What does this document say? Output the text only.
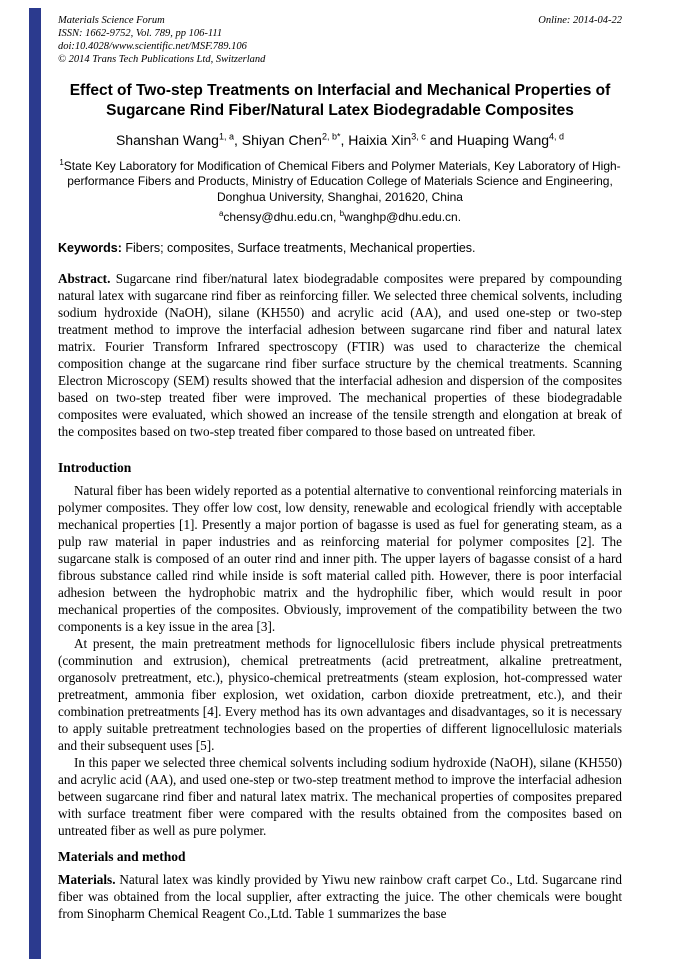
Materials Science Forum
ISSN: 1662-9752, Vol. 789, pp 106-111
doi:10.4028/www.scientific.net/MSF.789.106
© 2014 Trans Tech Publications Ltd, Switzerland
Online: 2014-04-22
Effect of Two-step Treatments on Interfacial and Mechanical Properties of Sugarcane Rind Fiber/Natural Latex Biodegradable Composites

Shanshan Wang$^{1, a}$, Shiyan Chen$^{2, b*}$, Haixia Xin$^{3, c}$ and Huaping Wang$^{4, d}$

$^1$State Key Laboratory for Modification of Chemical Fibers and Polymer Materials, Key Laboratory of High-performance Fibers and Products, Ministry of Education College of Materials Science and Engineering, Donghua University, Shanghai, 201620, China

$^a$chensy@dhu.edu.cn, $^b$wanghp@dhu.edu.cn.

Keywords: Fibers; composites, Surface treatments, Mechanical properties.

Abstract. Sugarcane rind fiber/natural latex biodegradable composites were prepared by compounding natural latex with sugarcane rind fiber as reinforcing filler. We selected three chemical solvents, including sodium hydroxide (NaOH), silane (KH550) and acrylic acid (AA), and used one-step or two-step treatment method to improve the interfacial adhesion between sugarcane rind fiber and natural latex matrix. Fourier Transform Infrared spectroscopy (FTIR) was used to characterize the chemical composition change at the sugarcane rind fiber surface structure by the chemical treatments. Scanning Electron Microscopy (SEM) results showed that the interfacial adhesion and dispersion of the composites based on two-step treated fiber were improved. The mechanical properties of these biodegradable composites were evaluated, which showed an increase of the tensile strength and elongation at break of the composites based on two-step treated fiber compared to those based on untreated fiber.

Introduction

Natural fiber has been widely reported as a potential alternative to conventional reinforcing materials in polymer composites. They offer low cost, low density, renewable and ecological friendly with acceptable mechanical properties [1]. Presently a major portion of bagasse is used as fuel for generating steam, as a pulp raw material in paper industries and as reinforcing material for polymer composites [2]. The sugarcane stalk is composed of an outer rind and inner pith. The upper layers of bagasse consist of a hard fibrous substance called rind while inside is soft material called pith. However, there is poor interfacial adhesion between the hydrophobic matrix and the hydrophilic fiber, which would result in poor mechanical properties of the composites. Obviously, improvement of the compatibility between the two components is a key issue in the area [3].

At present, the main pretreatment methods for lignocellulosic fibers include physical pretreatments (comminution and extrusion), chemical pretreatments (acid pretreatment, alkaline pretreatment, organosolv pretreatment, etc.), physico-chemical pretreatments (steam explosion, hot-compressed water pretreatment, ammonia fiber explosion, wet oxidation, carbon dioxide pretreatment, etc.), and their combination pretreatments [4]. Every method has its own advantages and disadvantages, so it is necessary to apply suitable pretreatment technologies based on the properties of different lignocellulosic materials and their subsequent uses [5].

In this paper we selected three chemical solvents including sodium hydroxide (NaOH), silane (KH550) and acrylic acid (AA), and used one-step or two-step treatment method to improve the interfacial adhesion between sugarcane rind fiber and natural latex matrix. The mechanical properties of composites prepared with surface treatment fiber were compared with the results obtained from the composites based on untreated fiber as well as pure polymer.

Materials and method

Materials. Natural latex was kindly provided by Yiwu new rainbow craft carpet Co., Ltd. Sugarcane rind fiber was obtained from the local supplier, after extracting the juice. The other chemicals were bought from Sinopharm Chemical Reagent Co.,Ltd. Table 1 summarizes the base
